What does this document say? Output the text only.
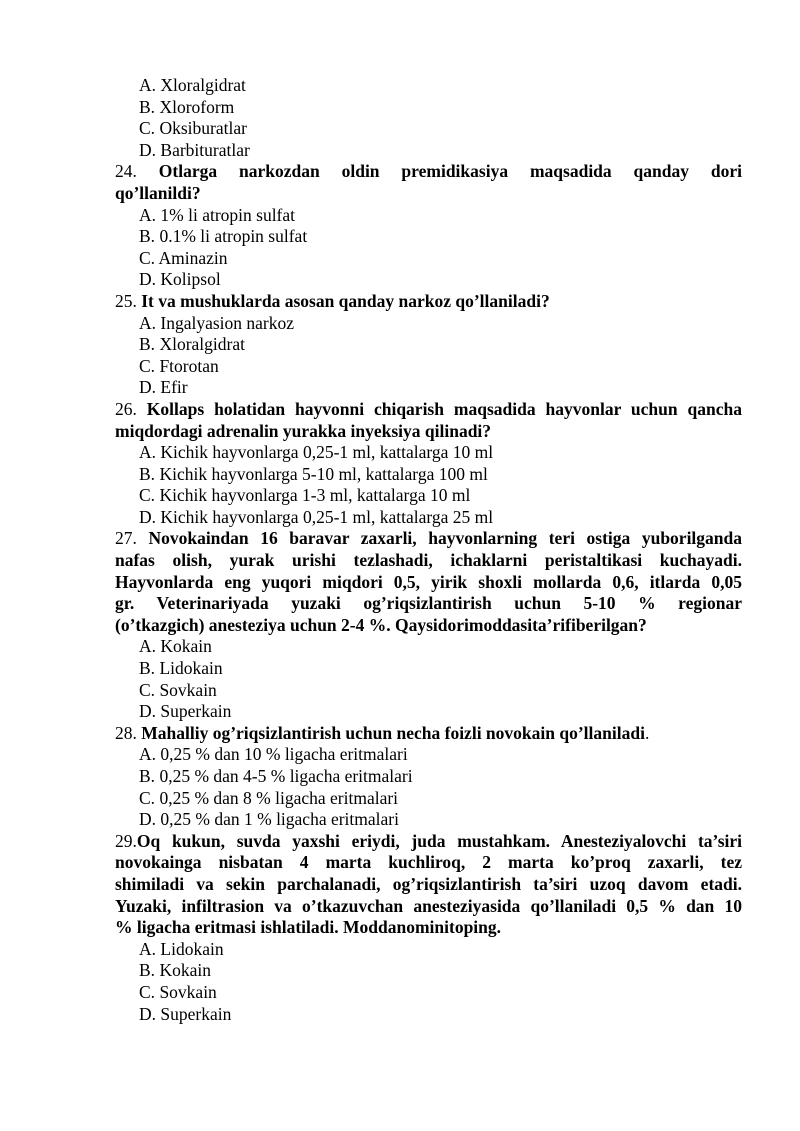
A. Xloralgidrat
B. Xloroform
C. Oksiburatlar
D. Barbituratlar
24. Otlarga narkozdan oldin premidikasiya maqsadida qanday dori
qo’llanildi?
A. 1% li atropin sulfat
B. 0.1% li atropin sulfat
C. Aminazin
D. Kolipsol
25. It va mushuklarda asosan qanday narkoz qo’llaniladi?
A. Ingalyasion narkoz
B. Xloralgidrat
C. Ftorotan
D. Efir
26. Kollaps holatidan hayvonni chiqarish maqsadida hayvonlar uchun qancha
miqdordagi adrenalin yurakka inyeksiya qilinadi?
A. Kichik hayvonlarga 0,25-1 ml, kattalarga 10 ml
B. Kichik hayvonlarga 5-10 ml, kattalarga 100 ml
C. Kichik hayvonlarga 1-3 ml, kattalarga 10 ml
D. Kichik hayvonlarga 0,25-1 ml, kattalarga 25 ml
27. Novokaindan 16 baravar zaxarli, hayvonlarning teri ostiga yuborilganda
nafas olish, yurak urishi tezlashadi, ichaklarni peristaltikasi kuchayadi.
Hayvonlarda eng yuqori miqdori 0,5, yirik shoxli mollarda 0,6, itlarda 0,05
gr. Veterinariyada yuzaki og’riqsizlantirish uchun 5-10 % regionar
(o’tkazgich) anesteziya uchun 2-4 %. Qaysidorimoddasita’rifiberilgan?
A. Kokain
B. Lidokain
C. Sovkain
D. Superkain
28. Mahalliy og’riqsizlantirish uchun necha foizli novokain qo’llaniladi.
A. 0,25 % dan 10 % ligacha eritmalari
B. 0,25 % dan 4-5 % ligacha eritmalari
C. 0,25 % dan 8 % ligacha eritmalari
D. 0,25 % dan 1 % ligacha eritmalari
29.Oq kukun, suvda yaxshi eriydi, juda mustahkam. Anesteziyalovchi ta’siri
novokainga nisbatan 4 marta kuchliroq, 2 marta ko’proq zaxarli, tez
shimiladi va sekin parchalanadi, og’riqsizlantirish ta’siri uzoq davom etadi.
Yuzaki, infiltrasion va o’tkazuvchan anesteziyasida qo’llaniladi 0,5 % dan 10
% ligacha eritmasi ishlatiladi. Moddanominitoping.
A. Lidokain
B. Kokain
C. Sovkain
D. Superkain
